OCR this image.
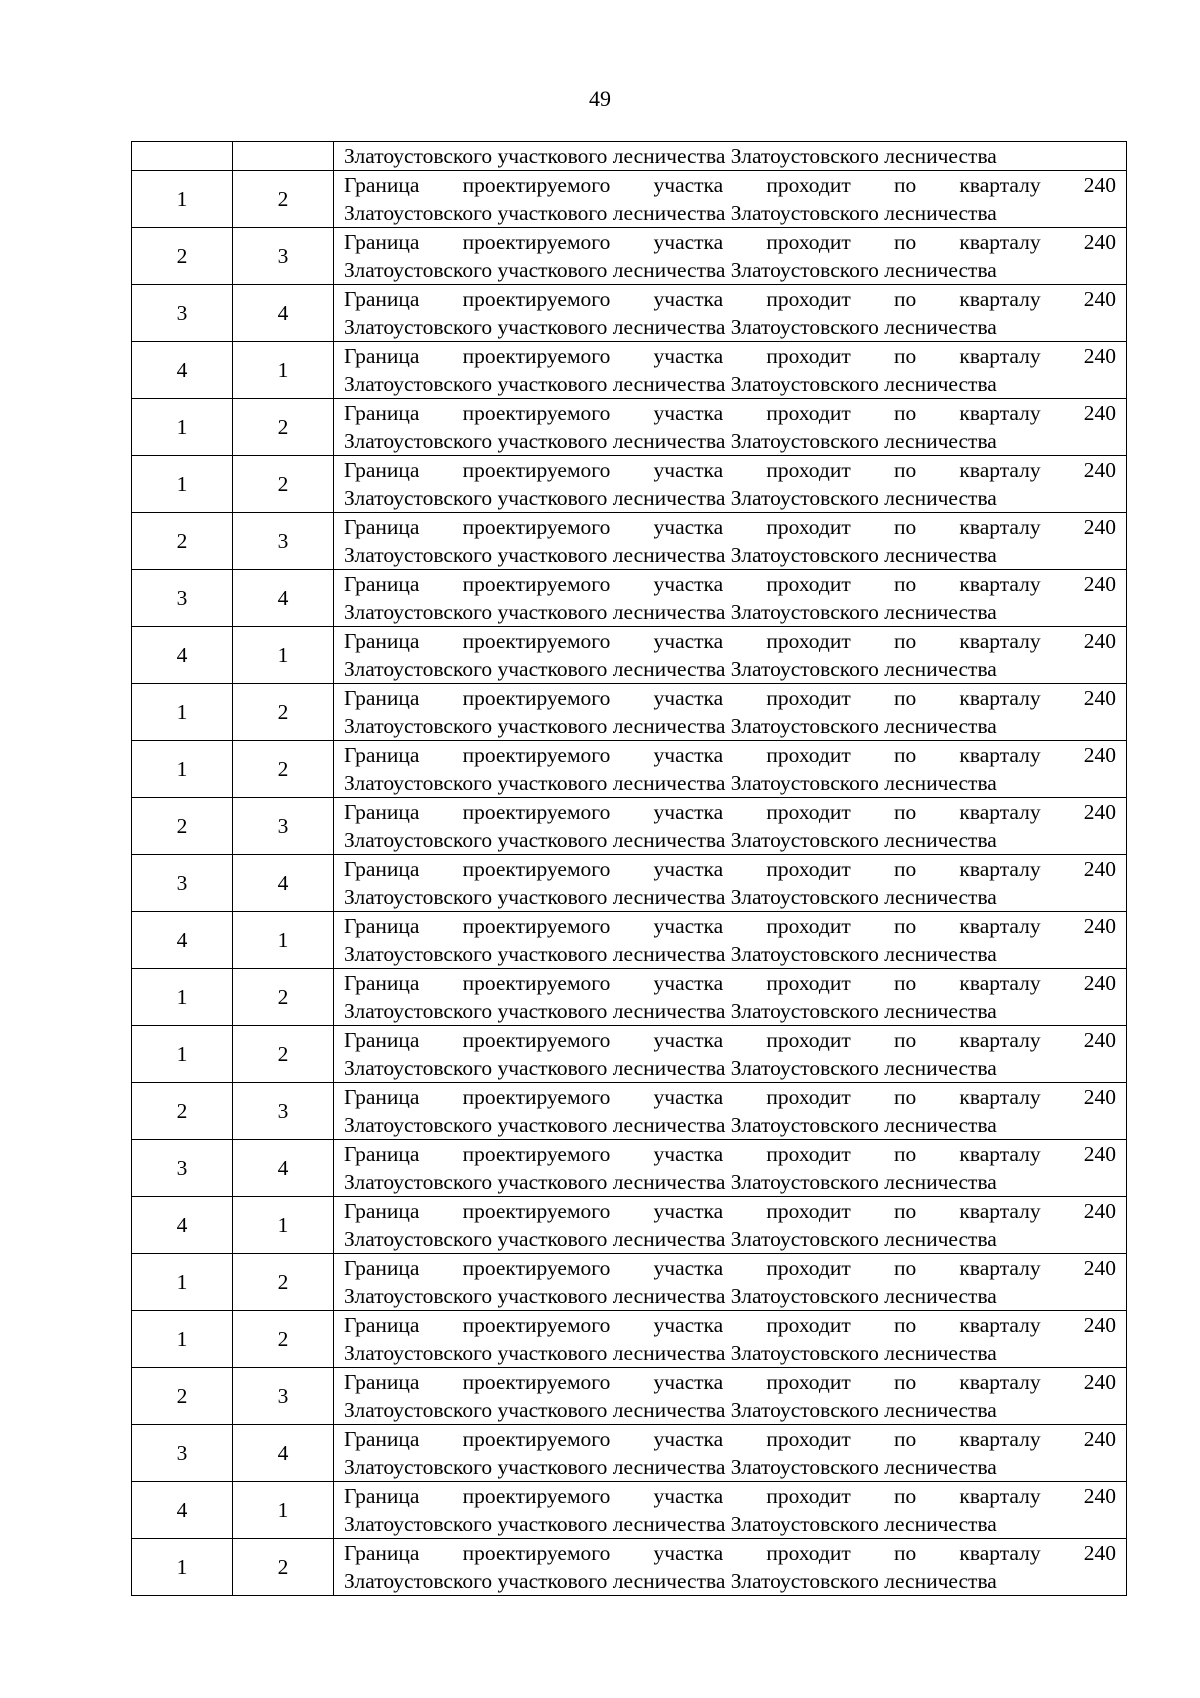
49
		Златоустовского участкового лесничества Златоустовского лесничества
1	2	Граница проектируемого участка проходит по кварталу 240
Златоустовского участкового лесничества Златоустовского лесничества

2	3	Граница проектируемого участка проходит по кварталу 240
Златоустовского участкового лесничества Златоустовского лесничества

3	4	Граница проектируемого участка проходит по кварталу 240
Златоустовского участкового лесничества Златоустовского лесничества

4	1	Граница проектируемого участка проходит по кварталу 240
Златоустовского участкового лесничества Златоустовского лесничества

1	2	Граница проектируемого участка проходит по кварталу 240
Златоустовского участкового лесничества Златоустовского лесничества

1	2	Граница проектируемого участка проходит по кварталу 240
Златоустовского участкового лесничества Златоустовского лесничества

2	3	Граница проектируемого участка проходит по кварталу 240
Златоустовского участкового лесничества Златоустовского лесничества

3	4	Граница проектируемого участка проходит по кварталу 240
Златоустовского участкового лесничества Златоустовского лесничества

4	1	Граница проектируемого участка проходит по кварталу 240
Златоустовского участкового лесничества Златоустовского лесничества

1	2	Граница проектируемого участка проходит по кварталу 240
Златоустовского участкового лесничества Златоустовского лесничества

1	2	Граница проектируемого участка проходит по кварталу 240
Златоустовского участкового лесничества Златоустовского лесничества

2	3	Граница проектируемого участка проходит по кварталу 240
Златоустовского участкового лесничества Златоустовского лесничества

3	4	Граница проектируемого участка проходит по кварталу 240
Златоустовского участкового лесничества Златоустовского лесничества

4	1	Граница проектируемого участка проходит по кварталу 240
Златоустовского участкового лесничества Златоустовского лесничества

1	2	Граница проектируемого участка проходит по кварталу 240
Златоустовского участкового лесничества Златоустовского лесничества

1	2	Граница проектируемого участка проходит по кварталу 240
Златоустовского участкового лесничества Златоустовского лесничества

2	3	Граница проектируемого участка проходит по кварталу 240
Златоустовского участкового лесничества Златоустовского лесничества

3	4	Граница проектируемого участка проходит по кварталу 240
Златоустовского участкового лесничества Златоустовского лесничества

4	1	Граница проектируемого участка проходит по кварталу 240
Златоустовского участкового лесничества Златоустовского лесничества

1	2	Граница проектируемого участка проходит по кварталу 240
Златоустовского участкового лесничества Златоустовского лесничества

1	2	Граница проектируемого участка проходит по кварталу 240
Златоустовского участкового лесничества Златоустовского лесничества

2	3	Граница проектируемого участка проходит по кварталу 240
Златоустовского участкового лесничества Златоустовского лесничества

3	4	Граница проектируемого участка проходит по кварталу 240
Златоустовского участкового лесничества Златоустовского лесничества

4	1	Граница проектируемого участка проходит по кварталу 240
Златоустовского участкового лесничества Златоустовского лесничества

1	2	Граница проектируемого участка проходит по кварталу 240
Златоустовского участкового лесничества Златоустовского лесничества
